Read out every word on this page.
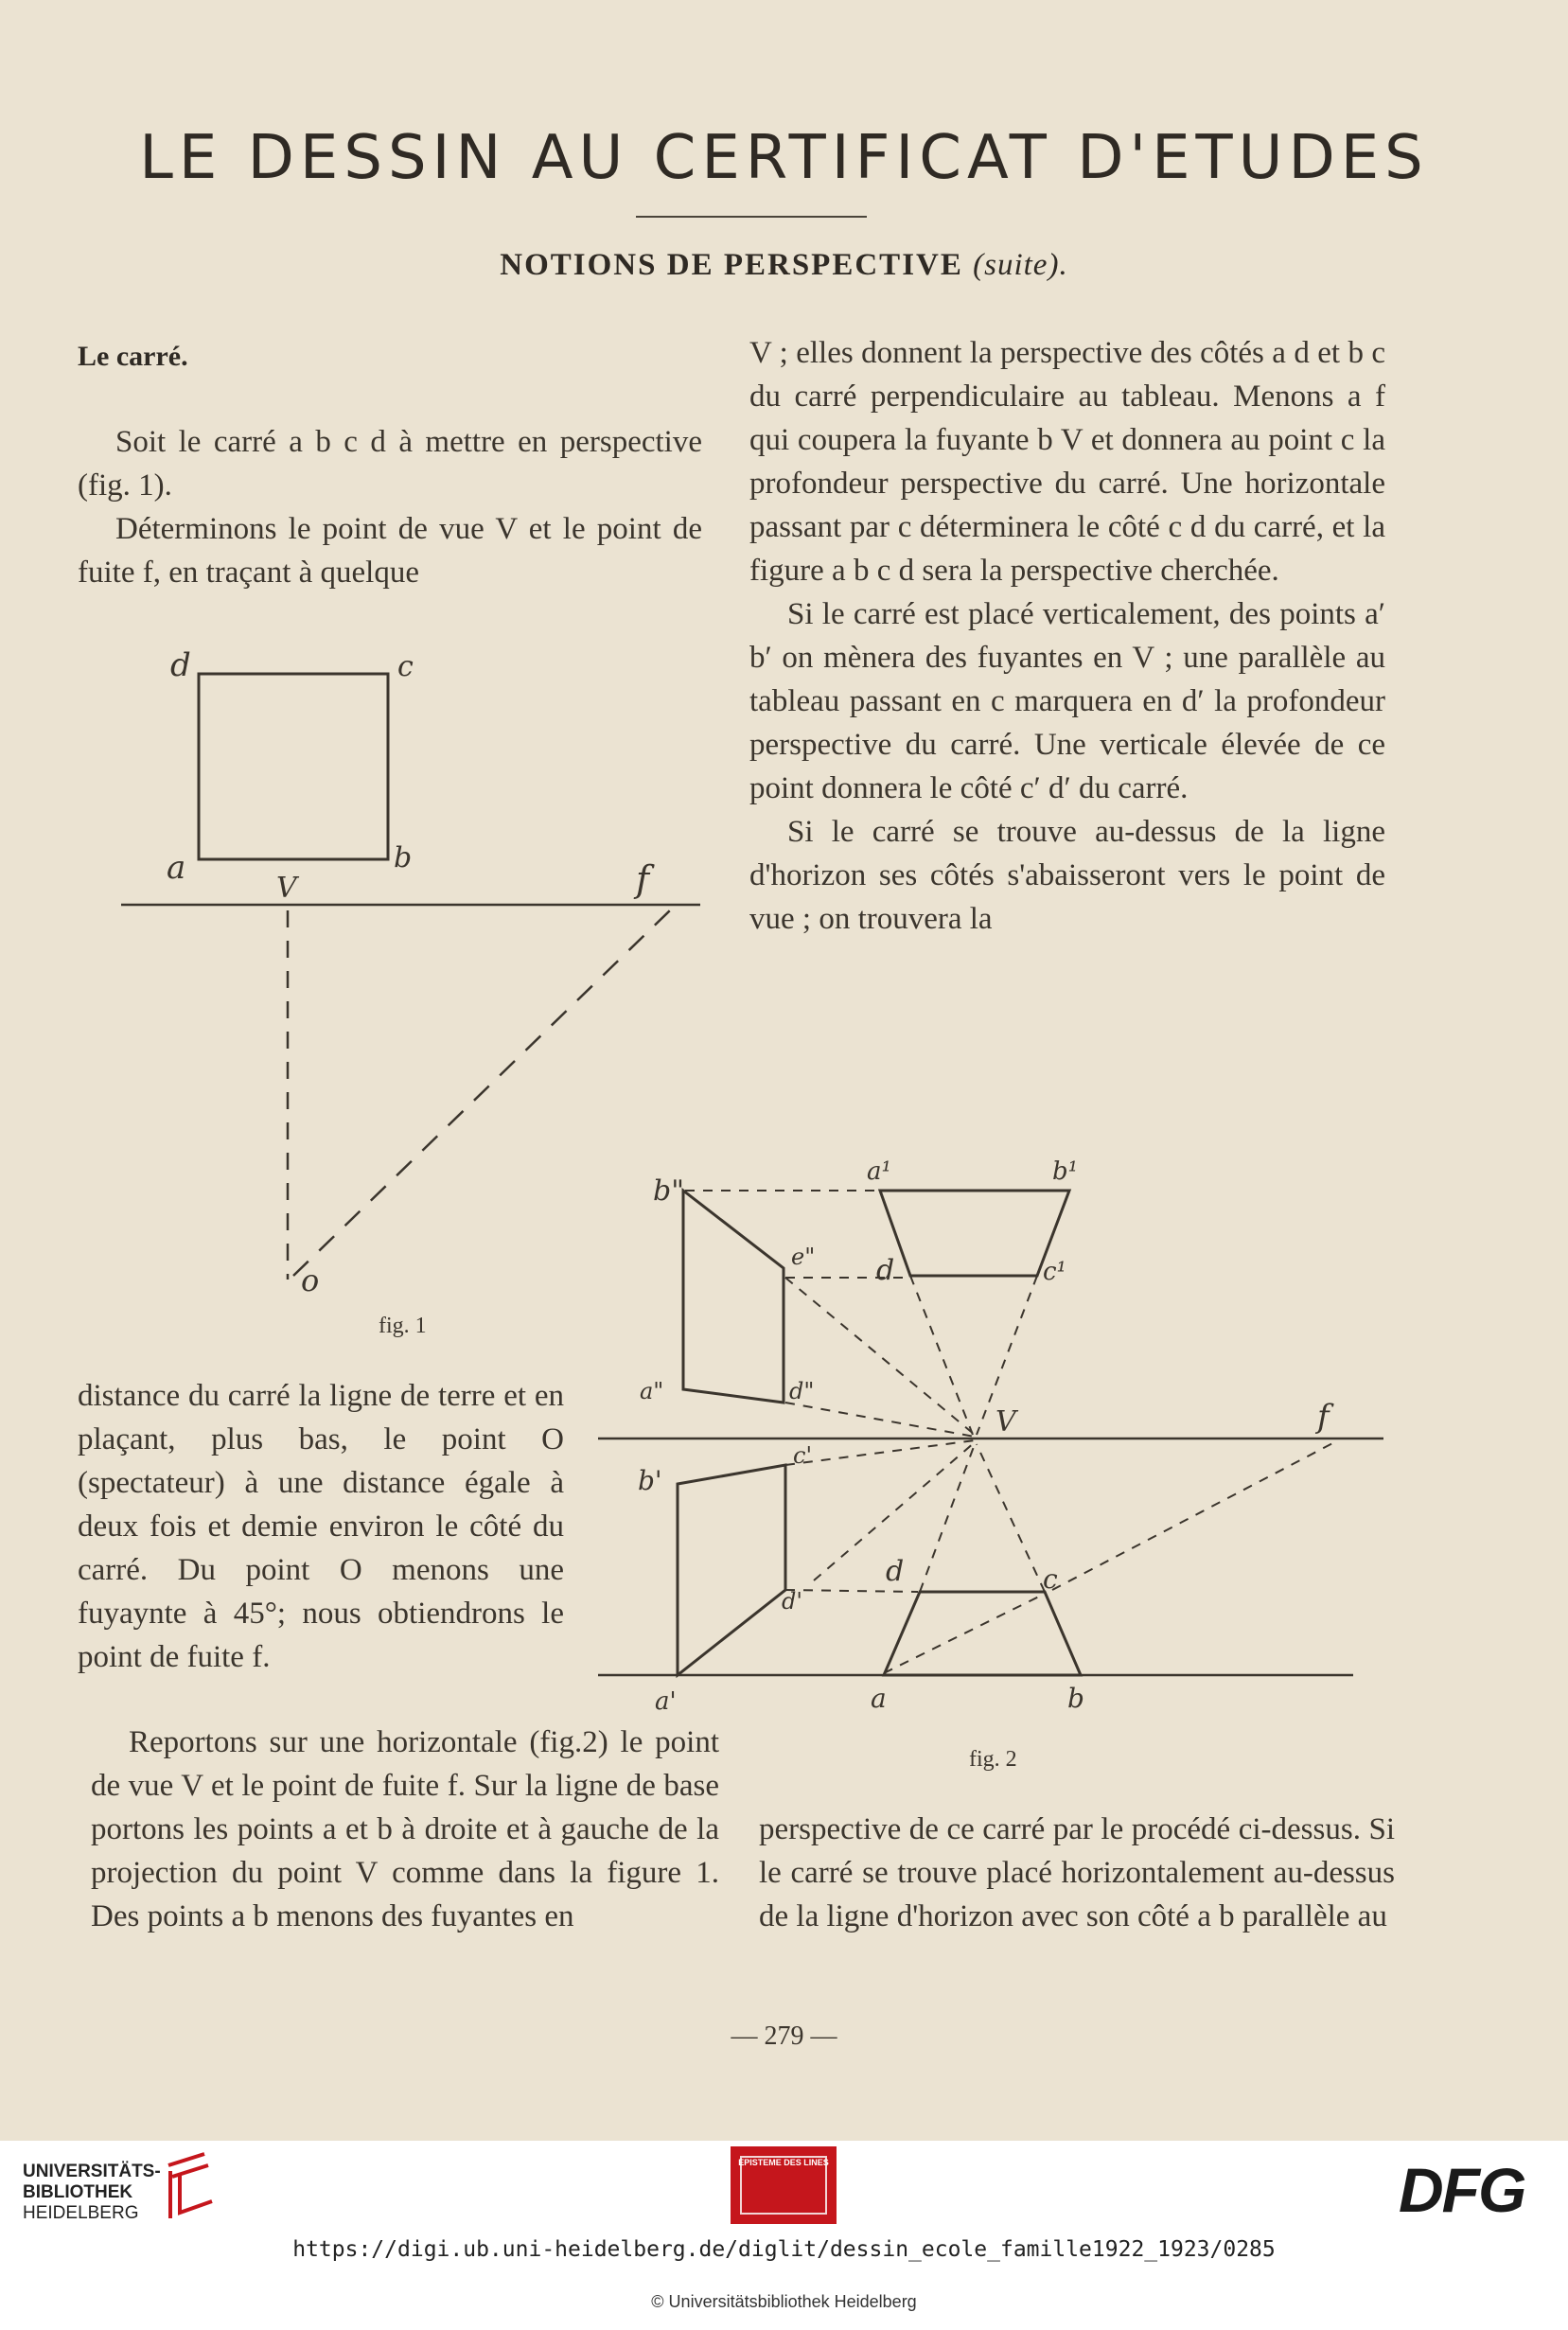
LE DESSIN AU CERTIFICAT D'ETUDES
NOTIONS DE PERSPECTIVE (suite).
Le carré.

Soit le carré a b c d à mettre en perspective (fig. 1).

Déterminons le point de vue V et le point de fuite f, en traçant à quelque

d	c
a	b
V	f
o
fig. 1

distance du carré la ligne de terre et en plaçant, plus bas, le point O (spectateur) à une distance égale à deux fois et demie environ le côté du carré. Du point O menons une fuyaynte à 45°; nous obtiendrons le point de fuite f.

Reportons sur une horizontale (fig.2) le point de vue V et le point de fuite f. Sur la ligne de base portons les points a et b à droite et à gauche de la projection du point V comme dans la figure 1. Des points a b menons des fuyantes en

V ; elles donnent la perspective des côtés a d et b c du carré perpendiculaire au tableau. Menons a f qui coupera la fuyante b V et donnera au point c la profondeur perspective du carré. Une horizontale passant par c déterminera le côté c d du carré, et la figure a b c d sera la perspective cherchée.

Si le carré est placé verticalement, des points a′ b′ on mènera des fuyantes en V ; une parallèle au tableau passant en c marquera en d′ la profondeur perspective du carré. Une verticale élevée de ce point donnera le côté c′ d′ du carré.

Si le carré se trouve au-dessus de la ligne d'horizon ses côtés s'abaisseront vers le point de vue ; on trouvera la

b"
a¹	b¹
e" d	c¹
a"	d"
V	f
c'
b'
d	c
d'
a'	a	b
fig. 2

perspective de ce carré par le procédé ci-dessus. Si le carré se trouve placé horizontalement au-dessus de la ligne d'horizon avec son côté a b parallèle au

— 279 —
UNIVERSITÄTS-
BIBLIOTHEK
HEIDELBERG
EPISTEME DES LINES	DFG
https://digi.ub.uni-heidelberg.de/diglit/dessin_ecole_famille1922_1923/0285
© Universitätsbibliothek Heidelberg
